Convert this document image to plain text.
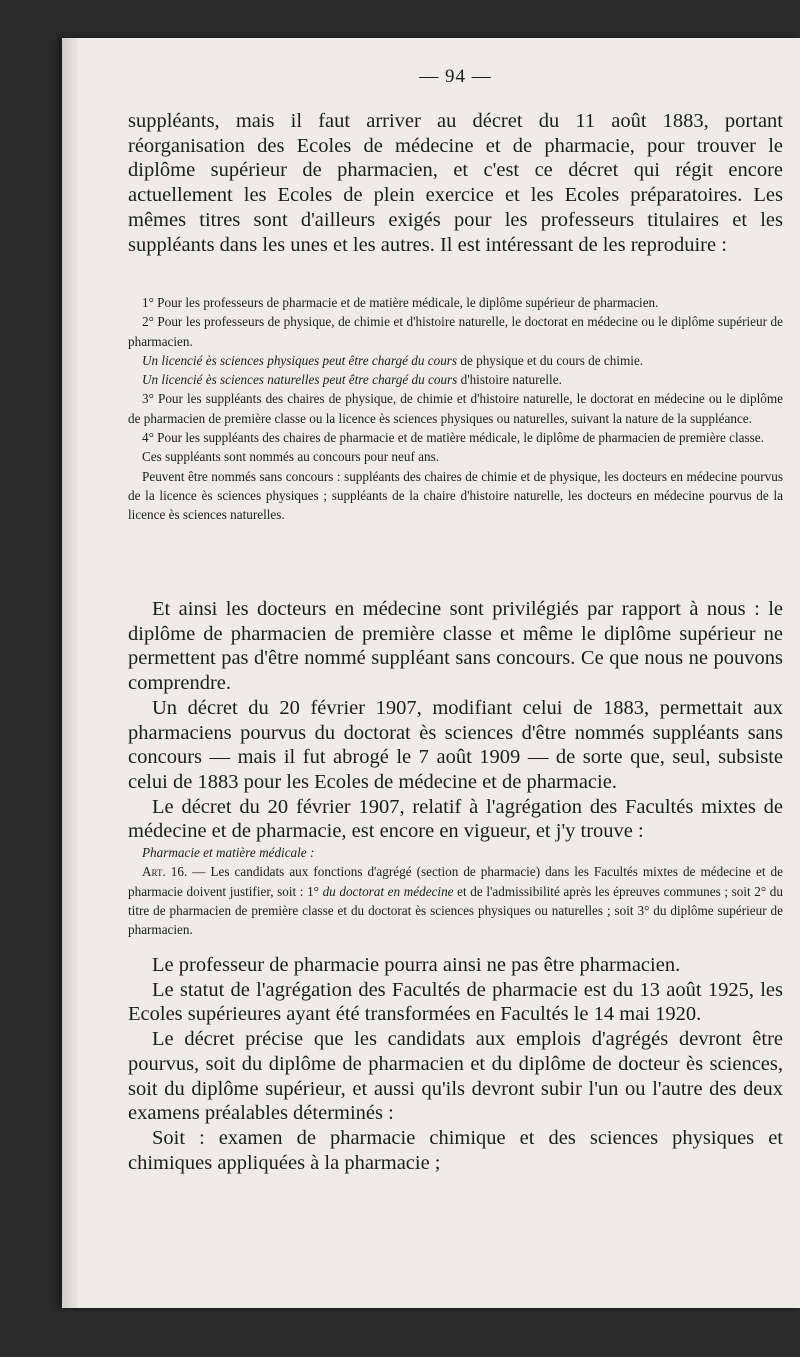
— 94 —

suppléants, mais il faut arriver au décret du 11 août 1883, portant réorganisation des Ecoles de médecine et de pharmacie, pour trouver le diplôme supérieur de pharmacien, et c'est ce décret qui régit encore actuellement les Ecoles de plein exercice et les Ecoles préparatoires. Les mêmes titres sont d'ailleurs exigés pour les professeurs titulaires et les suppléants dans les unes et les autres. Il est intéressant de les reproduire :

1° Pour les professeurs de pharmacie et de matière médicale, le diplôme supérieur de pharmacien.

2° Pour les professeurs de physique, de chimie et d'histoire naturelle, le doctorat en médecine ou le diplôme supérieur de pharmacien.

Un licencié ès sciences physiques peut être chargé du cours de physique et du cours de chimie.

Un licencié ès sciences naturelles peut être chargé du cours d'histoire naturelle.

3° Pour les suppléants des chaires de physique, de chimie et d'histoire naturelle, le doctorat en médecine ou le diplôme de pharmacien de première classe ou la licence ès sciences physiques ou naturelles, suivant la nature de la suppléance.

4° Pour les suppléants des chaires de pharmacie et de matière médicale, le diplôme de pharmacien de première classe.

Ces suppléants sont nommés au concours pour neuf ans.

Peuvent être nommés sans concours : suppléants des chaires de chimie et de physique, les docteurs en médecine pourvus de la licence ès sciences physiques ; suppléants de la chaire d'histoire naturelle, les docteurs en médecine pourvus de la licence ès sciences naturelles.

Et ainsi les docteurs en médecine sont privilégiés par rapport à nous : le diplôme de pharmacien de première classe et même le diplôme supérieur ne permettent pas d'être nommé suppléant sans concours. Ce que nous ne pouvons comprendre.

Un décret du 20 février 1907, modifiant celui de 1883, permettait aux pharmaciens pourvus du doctorat ès sciences d'être nommés suppléants sans concours — mais il fut abrogé le 7 août 1909 — de sorte que, seul, subsiste celui de 1883 pour les Ecoles de médecine et de pharmacie.

Le décret du 20 février 1907, relatif à l'agrégation des Facultés mixtes de médecine et de pharmacie, est encore en vigueur, et j'y trouve :

Pharmacie et matière médicale :

Art. 16. — Les candidats aux fonctions d'agrégé (section de pharmacie) dans les Facultés mixtes de médecine et de pharmacie doivent justifier, soit : 1° du doctorat en médecine et de l'admissibilité après les épreuves communes ; soit 2° du titre de pharmacien de première classe et du doctorat ès sciences physiques ou naturelles ; soit 3° du diplôme supérieur de pharmacien.

Le professeur de pharmacie pourra ainsi ne pas être pharmacien.

Le statut de l'agrégation des Facultés de pharmacie est du 13 août 1925, les Ecoles supérieures ayant été transformées en Facultés le 14 mai 1920.

Le décret précise que les candidats aux emplois d'agrégés devront être pourvus, soit du diplôme de pharmacien et du diplôme de docteur ès sciences, soit du diplôme supérieur, et aussi qu'ils devront subir l'un ou l'autre des deux examens préalables déterminés :

Soit : examen de pharmacie chimique et des sciences physiques et chimiques appliquées à la pharmacie ;
